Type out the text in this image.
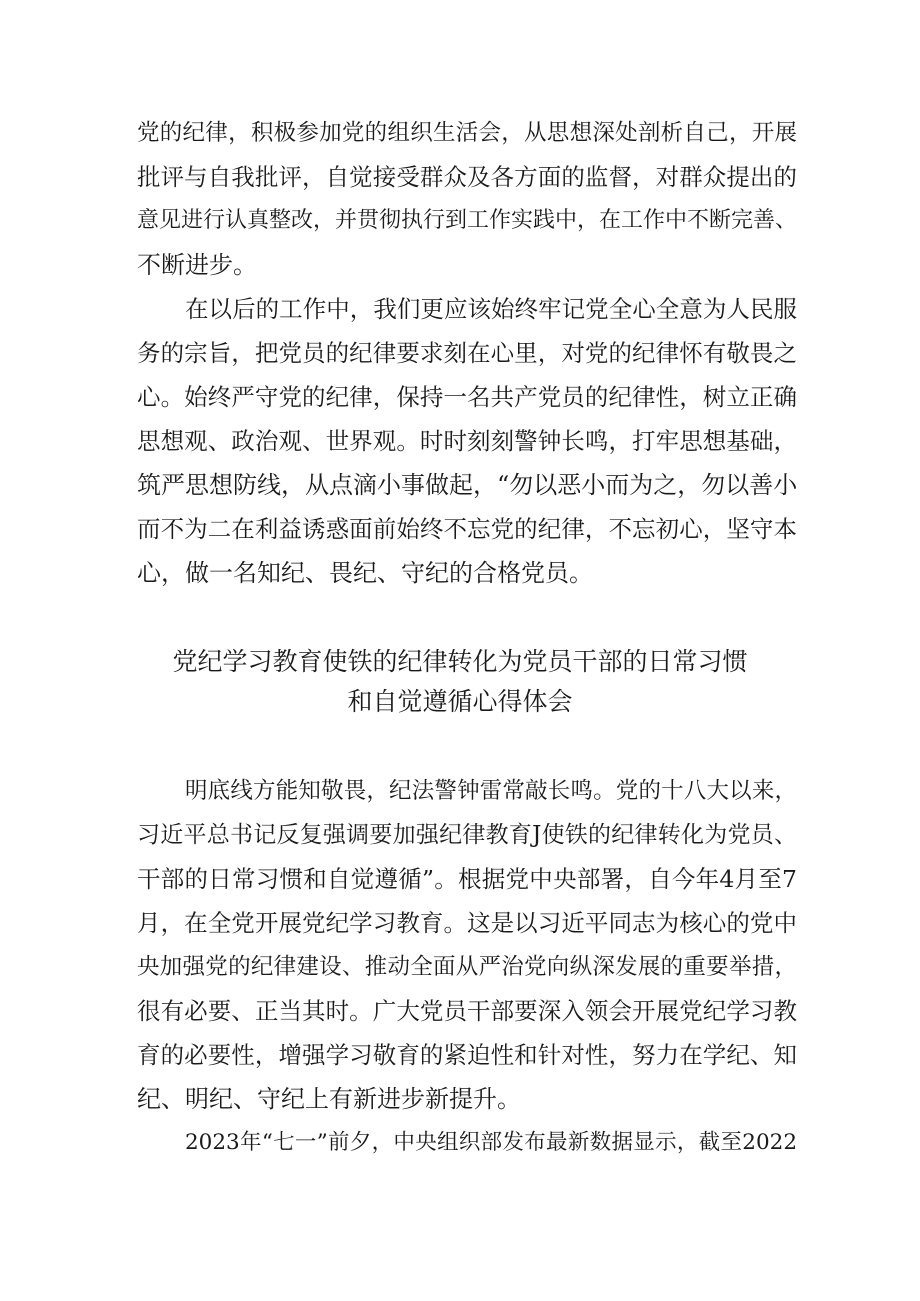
党的纪律，积极参加党的组织生活会，从思想深处剖析自己，开展
批评与自我批评，自觉接受群众及各方面的监督，对群众提出的
意见进行认真整改，并贯彻执行到工作实践中，在工作中不断完善、
不断进步。
在以后的工作中，我们更应该始终牢记党全心全意为人民服
务的宗旨，把党员的纪律要求刻在心里，对党的纪律怀有敬畏之
心。始终严守党的纪律，保持一名共产党员的纪律性，树立正确
思想观、政治观、世界观。时时刻刻警钟长鸣，打牢思想基础，
筑严思想防线，从点滴小事做起，“勿以恶小而为之，勿以善小
而不为二在利益诱惑面前始终不忘党的纪律，不忘初心，坚守本
心，做一名知纪、畏纪、守纪的合格党员。
党纪学习教育使铁的纪律转化为党员干部的日常习惯
和自觉遵循心得体会
明底线方能知敬畏，纪法警钟雷常敲长鸣。党的十八大以来，
习近平总书记反复强调要加强纪律教育J使铁的纪律转化为党员、
干部的日常习惯和自觉遵循”。根据党中央部署，自今年4月至7
月，在全党开展党纪学习教育。这是以习近平同志为核心的党中
央加强党的纪律建设、推动全面从严治党向纵深发展的重要举措，
很有必要、正当其时。广大党员干部要深入领会开展党纪学习教
育的必要性，增强学习敬育的紧迫性和针对性，努力在学纪、知
纪、明纪、守纪上有新进步新提升。
2023年“七一”前夕，中央组织部发布最新数据显示，截至2022
